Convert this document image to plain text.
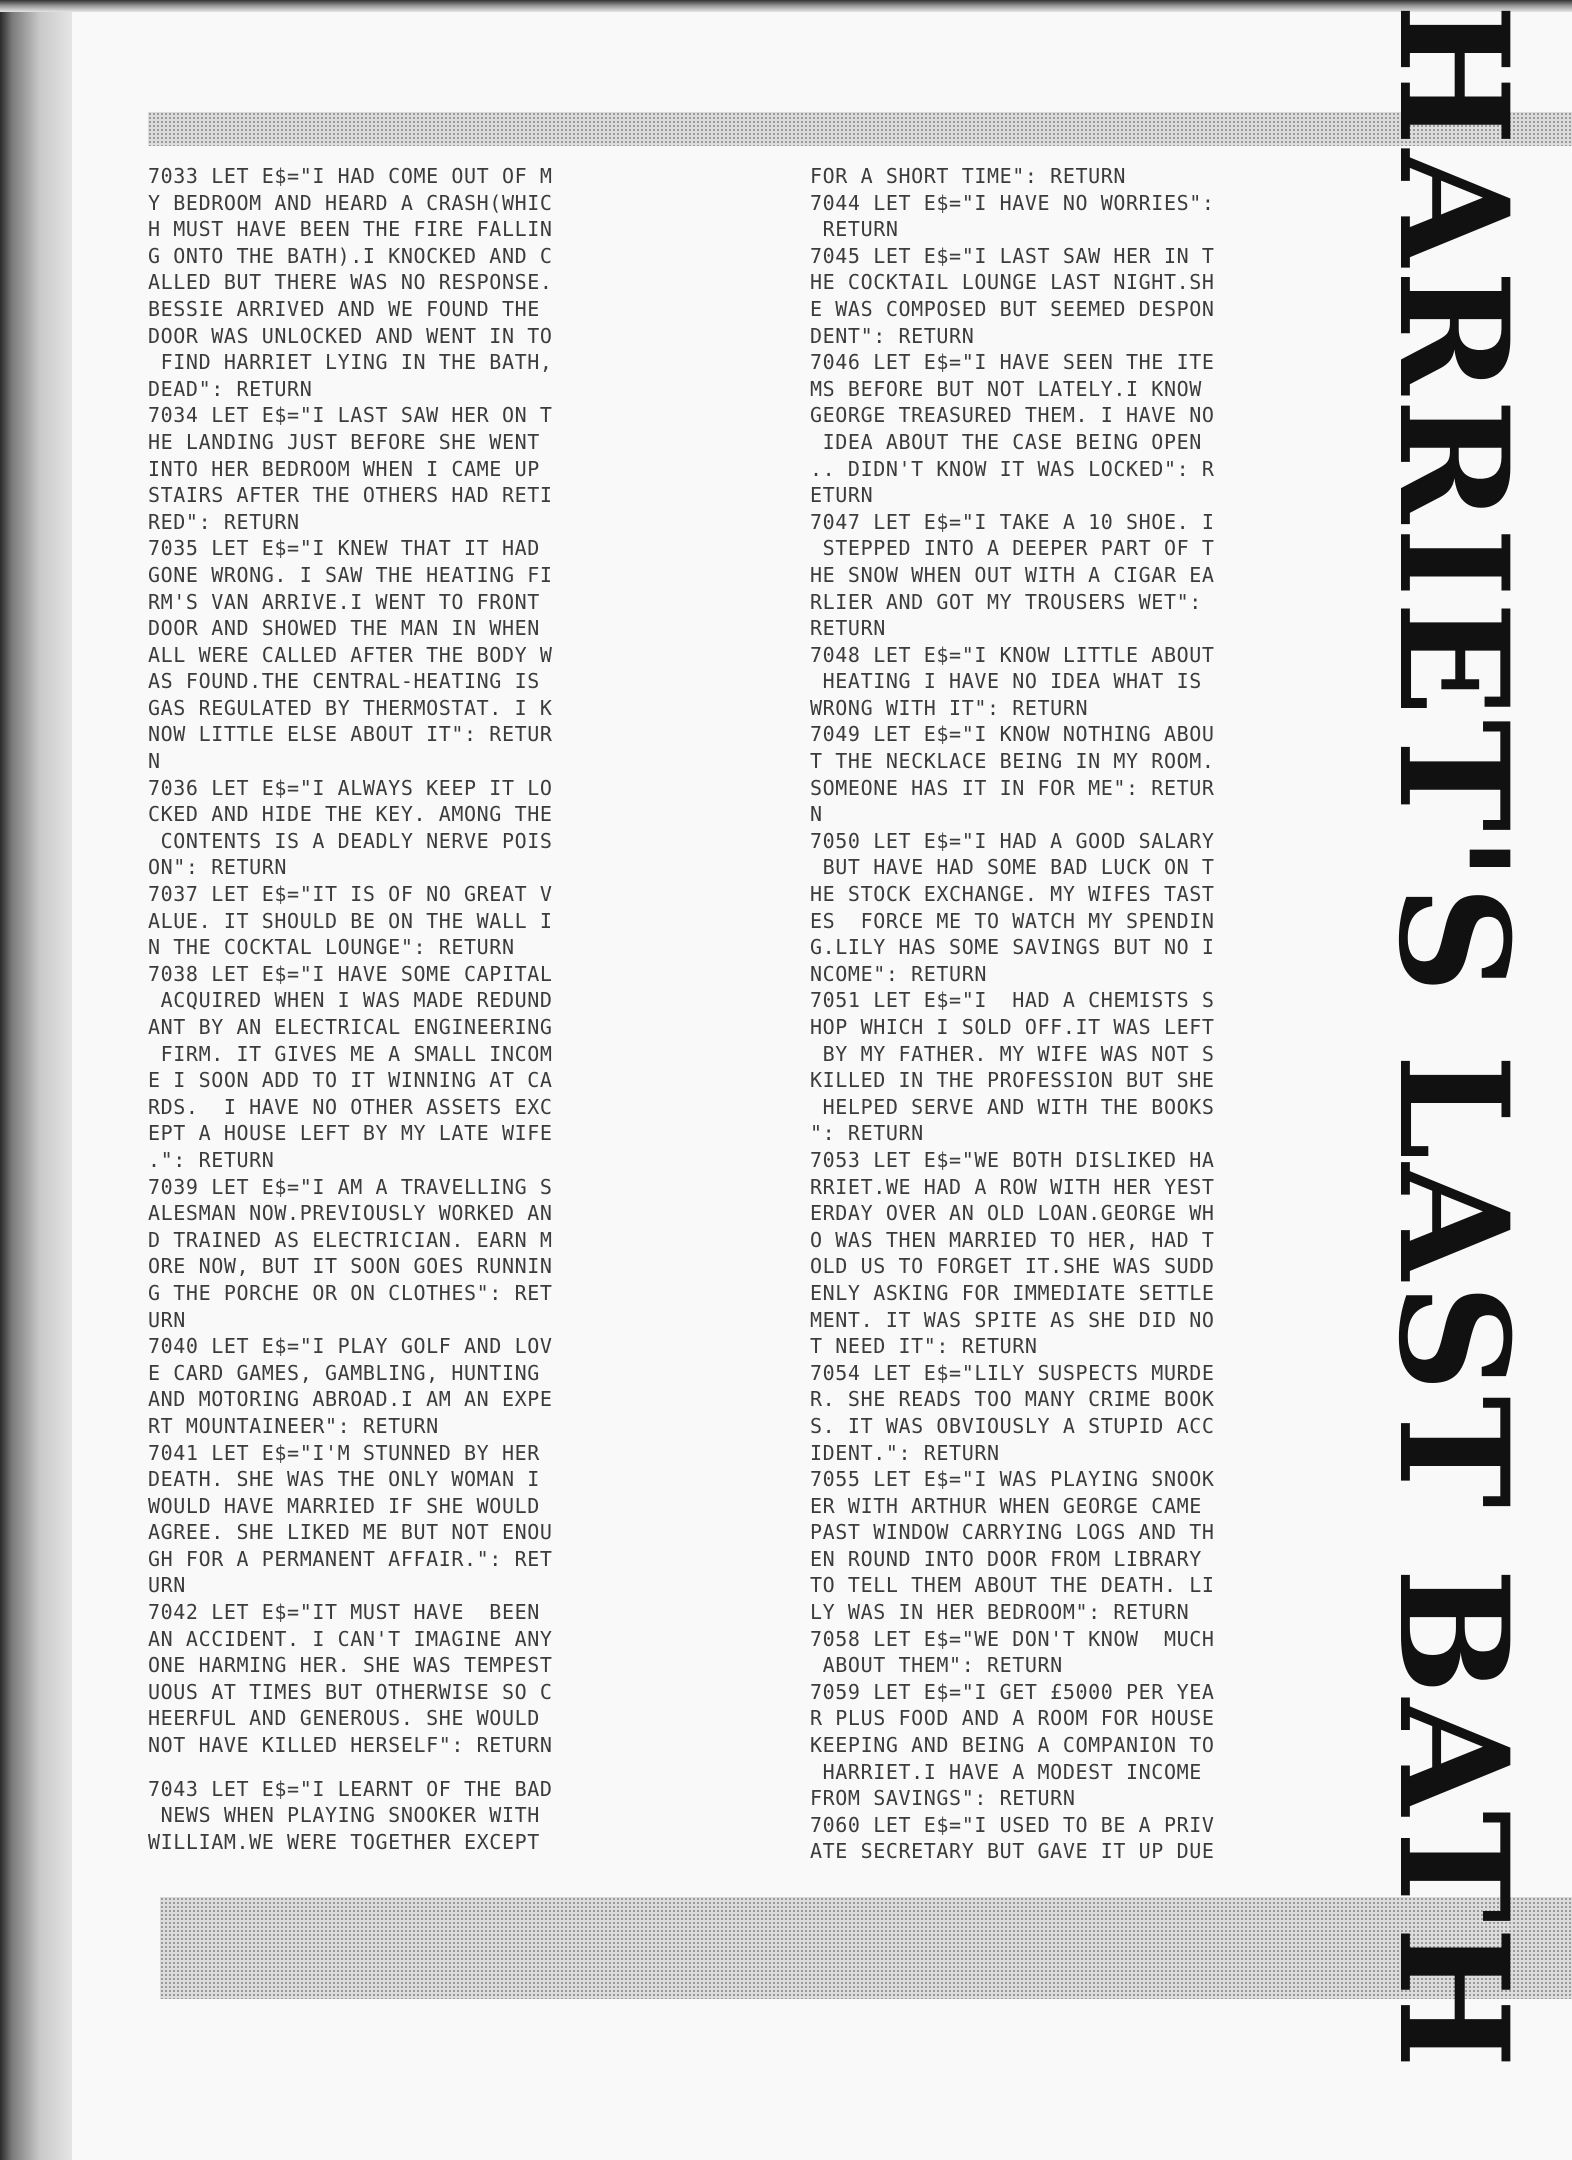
7033 LET E$="I HAD COME OUT OF M
Y BEDROOM AND HEARD A CRASH(WHIC
H MUST HAVE BEEN THE FIRE FALLIN
G ONTO THE BATH).I KNOCKED AND C
ALLED BUT THERE WAS NO RESPONSE.
BESSIE ARRIVED AND WE FOUND THE
DOOR WAS UNLOCKED AND WENT IN TO
FIND HARRIET LYING IN THE BATH,
DEAD": RETURN
7034 LET E$="I LAST SAW HER ON T
HE LANDING JUST BEFORE SHE WENT
INTO HER BEDROOM WHEN I CAME UP
STAIRS AFTER THE OTHERS HAD RETI
RED": RETURN
7035 LET E$="I KNEW THAT IT HAD
GONE WRONG. I SAW THE HEATING FI
RM'S VAN ARRIVE.I WENT TO FRONT
DOOR AND SHOWED THE MAN IN WHEN
ALL WERE CALLED AFTER THE BODY W
AS FOUND.THE CENTRAL-HEATING IS
GAS REGULATED BY THERMOSTAT. I K
NOW LITTLE ELSE ABOUT IT": RETUR
N
7036 LET E$="I ALWAYS KEEP IT LO
CKED AND HIDE THE KEY. AMONG THE
CONTENTS IS A DEADLY NERVE POIS
ON": RETURN
7037 LET E$="IT IS OF NO GREAT V
ALUE. IT SHOULD BE ON THE WALL I
N THE COCKTAL LOUNGE": RETURN
7038 LET E$="I HAVE SOME CAPITAL
ACQUIRED WHEN I WAS MADE REDUND
ANT BY AN ELECTRICAL ENGINEERING
FIRM. IT GIVES ME A SMALL INCOM
E I SOON ADD TO IT WINNING AT CA
RDS.  I HAVE NO OTHER ASSETS EXC
EPT A HOUSE LEFT BY MY LATE WIFE
.": RETURN
7039 LET E$="I AM A TRAVELLING S
ALESMAN NOW.PREVIOUSLY WORKED AN
D TRAINED AS ELECTRICIAN. EARN M
ORE NOW, BUT IT SOON GOES RUNNIN
G THE PORCHE OR ON CLOTHES": RET
URN
7040 LET E$="I PLAY GOLF AND LOV
E CARD GAMES, GAMBLING, HUNTING
AND MOTORING ABROAD.I AM AN EXPE
RT MOUNTAINEER": RETURN
7041 LET E$="I'M STUNNED BY HER
DEATH. SHE WAS THE ONLY WOMAN I
WOULD HAVE MARRIED IF SHE WOULD
AGREE. SHE LIKED ME BUT NOT ENOU
GH FOR A PERMANENT AFFAIR.": RET
URN
7042 LET E$="IT MUST HAVE  BEEN
AN ACCIDENT. I CAN'T IMAGINE ANY
ONE HARMING HER. SHE WAS TEMPEST
UOUS AT TIMES BUT OTHERWISE SO C
HEERFUL AND GENEROUS. SHE WOULD
NOT HAVE KILLED HERSELF": RETURN
7043 LET E$="I LEARNT OF THE BAD
NEWS WHEN PLAYING SNOOKER WITH
WILLIAM.WE WERE TOGETHER EXCEPT
FOR A SHORT TIME": RETURN
7044 LET E$="I HAVE NO WORRIES":
RETURN
7045 LET E$="I LAST SAW HER IN T
HE COCKTAIL LOUNGE LAST NIGHT.SH
E WAS COMPOSED BUT SEEMED DESPON
DENT": RETURN
7046 LET E$="I HAVE SEEN THE ITE
MS BEFORE BUT NOT LATELY.I KNOW
GEORGE TREASURED THEM. I HAVE NO
IDEA ABOUT THE CASE BEING OPEN
.. DIDN'T KNOW IT WAS LOCKED": R
ETURN
7047 LET E$="I TAKE A 10 SHOE. I
STEPPED INTO A DEEPER PART OF T
HE SNOW WHEN OUT WITH A CIGAR EA
RLIER AND GOT MY TROUSERS WET":
RETURN
7048 LET E$="I KNOW LITTLE ABOUT
HEATING I HAVE NO IDEA WHAT IS
WRONG WITH IT": RETURN
7049 LET E$="I KNOW NOTHING ABOU
T THE NECKLACE BEING IN MY ROOM.
SOMEONE HAS IT IN FOR ME": RETUR
N
7050 LET E$="I HAD A GOOD SALARY
BUT HAVE HAD SOME BAD LUCK ON T
HE STOCK EXCHANGE. MY WIFES TAST
ES  FORCE ME TO WATCH MY SPENDIN
G.LILY HAS SOME SAVINGS BUT NO I
NCOME": RETURN
7051 LET E$="I  HAD A CHEMISTS S
HOP WHICH I SOLD OFF.IT WAS LEFT
BY MY FATHER. MY WIFE WAS NOT S
KILLED IN THE PROFESSION BUT SHE
HELPED SERVE AND WITH THE BOOKS
": RETURN
7053 LET E$="WE BOTH DISLIKED HA
RRIET.WE HAD A ROW WITH HER YEST
ERDAY OVER AN OLD LOAN.GEORGE WH
O WAS THEN MARRIED TO HER, HAD T
OLD US TO FORGET IT.SHE WAS SUDD
ENLY ASKING FOR IMMEDIATE SETTLE
MENT. IT WAS SPITE AS SHE DID NO
T NEED IT": RETURN
7054 LET E$="LILY SUSPECTS MURDE
R. SHE READS TOO MANY CRIME BOOK
S. IT WAS OBVIOUSLY A STUPID ACC
IDENT.": RETURN
7055 LET E$="I WAS PLAYING SNOOK
ER WITH ARTHUR WHEN GEORGE CAME
PAST WINDOW CARRYING LOGS AND TH
EN ROUND INTO DOOR FROM LIBRARY
TO TELL THEM ABOUT THE DEATH. LI
LY WAS IN HER BEDROOM": RETURN
7058 LET E$="WE DON'T KNOW  MUCH
ABOUT THEM": RETURN
7059 LET E$="I GET £5000 PER YEA
R PLUS FOOD AND A ROOM FOR HOUSE
KEEPING AND BEING A COMPANION TO
HARRIET.I HAVE A MODEST INCOME
FROM SAVINGS": RETURN
7060 LET E$="I USED TO BE A PRIV
ATE SECRETARY BUT GAVE IT UP DUE	HARRIET'S LAST BATH
